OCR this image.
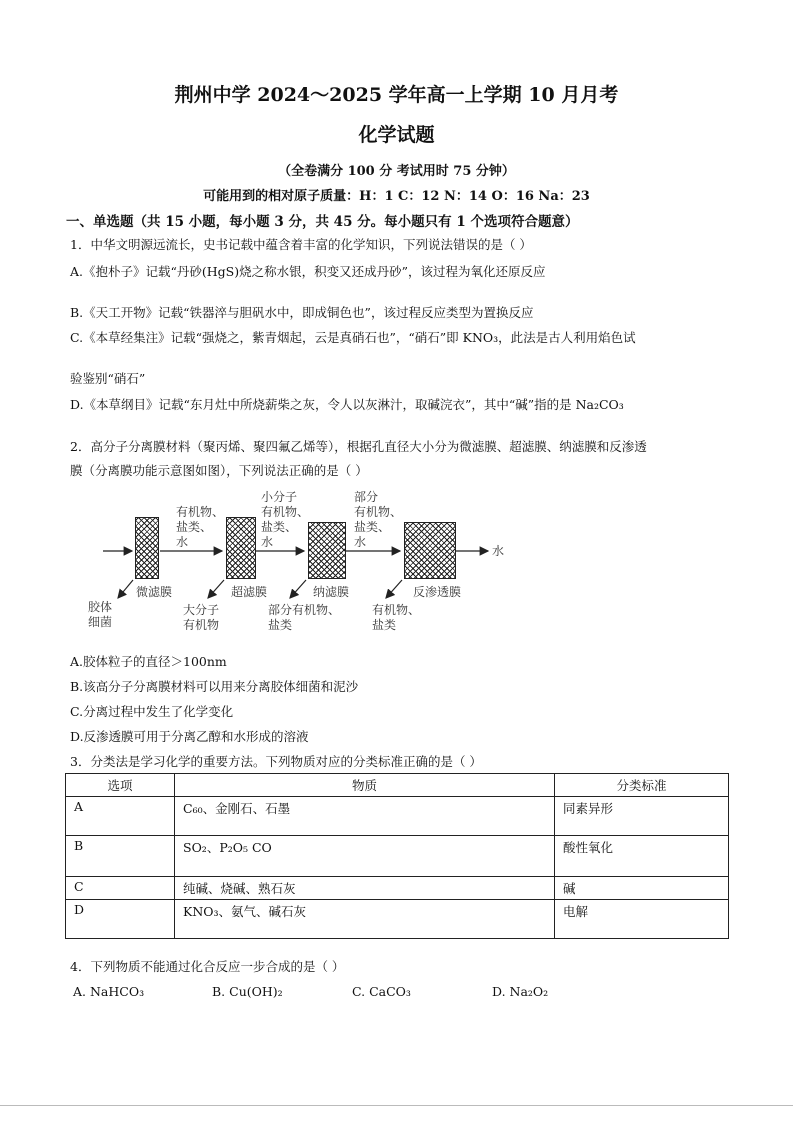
荆州中学 2024～2025 学年高一上学期 10 月月考
化学试题
（全卷满分 100 分 考试用时 75 分钟）
可能用到的相对原子质量：H：1 C：12 N：14 O：16 Na：23
一、单选题（共 15 小题，每小题 3 分，共 45 分。每小题只有 1 个选项符合题意）
1．中华文明源远流长，史书记载中蕴含着丰富的化学知识，下列说法错误的是（ ）
A.《抱朴子》记载“丹砂(HgS)烧之称水银，积变又还成丹砂”，该过程为氧化还原反应
B.《天工开物》记载“铁器淬与胆矾水中，即成铜色也”，该过程反应类型为置换反应
C.《本草经集注》记载“强烧之，紫青烟起，云是真硝石也”，“硝石”即 KNO₃，此法是古人利用焰色试
验鉴别“硝石”
D.《本草纲目》记载“东月灶中所烧薪柴之灰，令人以灰淋汁，取碱浣衣”，其中“碱”指的是 Na₂CO₃
2．高分子分离膜材料（聚丙烯、聚四氟乙烯等），根据孔直径大小分为微滤膜、超滤膜、纳滤膜和反渗透
膜（分离膜功能示意图如图），下列说法正确的是（ ）
有机物、
盐类、
水
小分子
有机物、
盐类、
水
部分
有机物、
盐类、
水
水
微滤膜	超滤膜	纳滤膜	反渗透膜
胶体
细菌
大分子
有机物
部分有机物、
盐类
有机物、
盐类
A.胶体粒子的直径＞100nm
B.该高分子分离膜材料可以用来分离胶体细菌和泥沙
C.分离过程中发生了化学变化
D.反渗透膜可用于分离乙醇和水形成的溶液
3．分类法是学习化学的重要方法。下列物质对应的分类标准正确的是（ ）
选项	物质	分类标准
A	C₆₀、金刚石、石墨	同素异形
B	SO₂、P₂O₅ CO	酸性氧化
C	纯碱、烧碱、熟石灰	碱
D	KNO₃、氨气、碱石灰	电解
4．下列物质不能通过化合反应一步合成的是（ ）
A. NaHCO₃	B. Cu(OH)₂	C. CaCO₃	D. Na₂O₂
